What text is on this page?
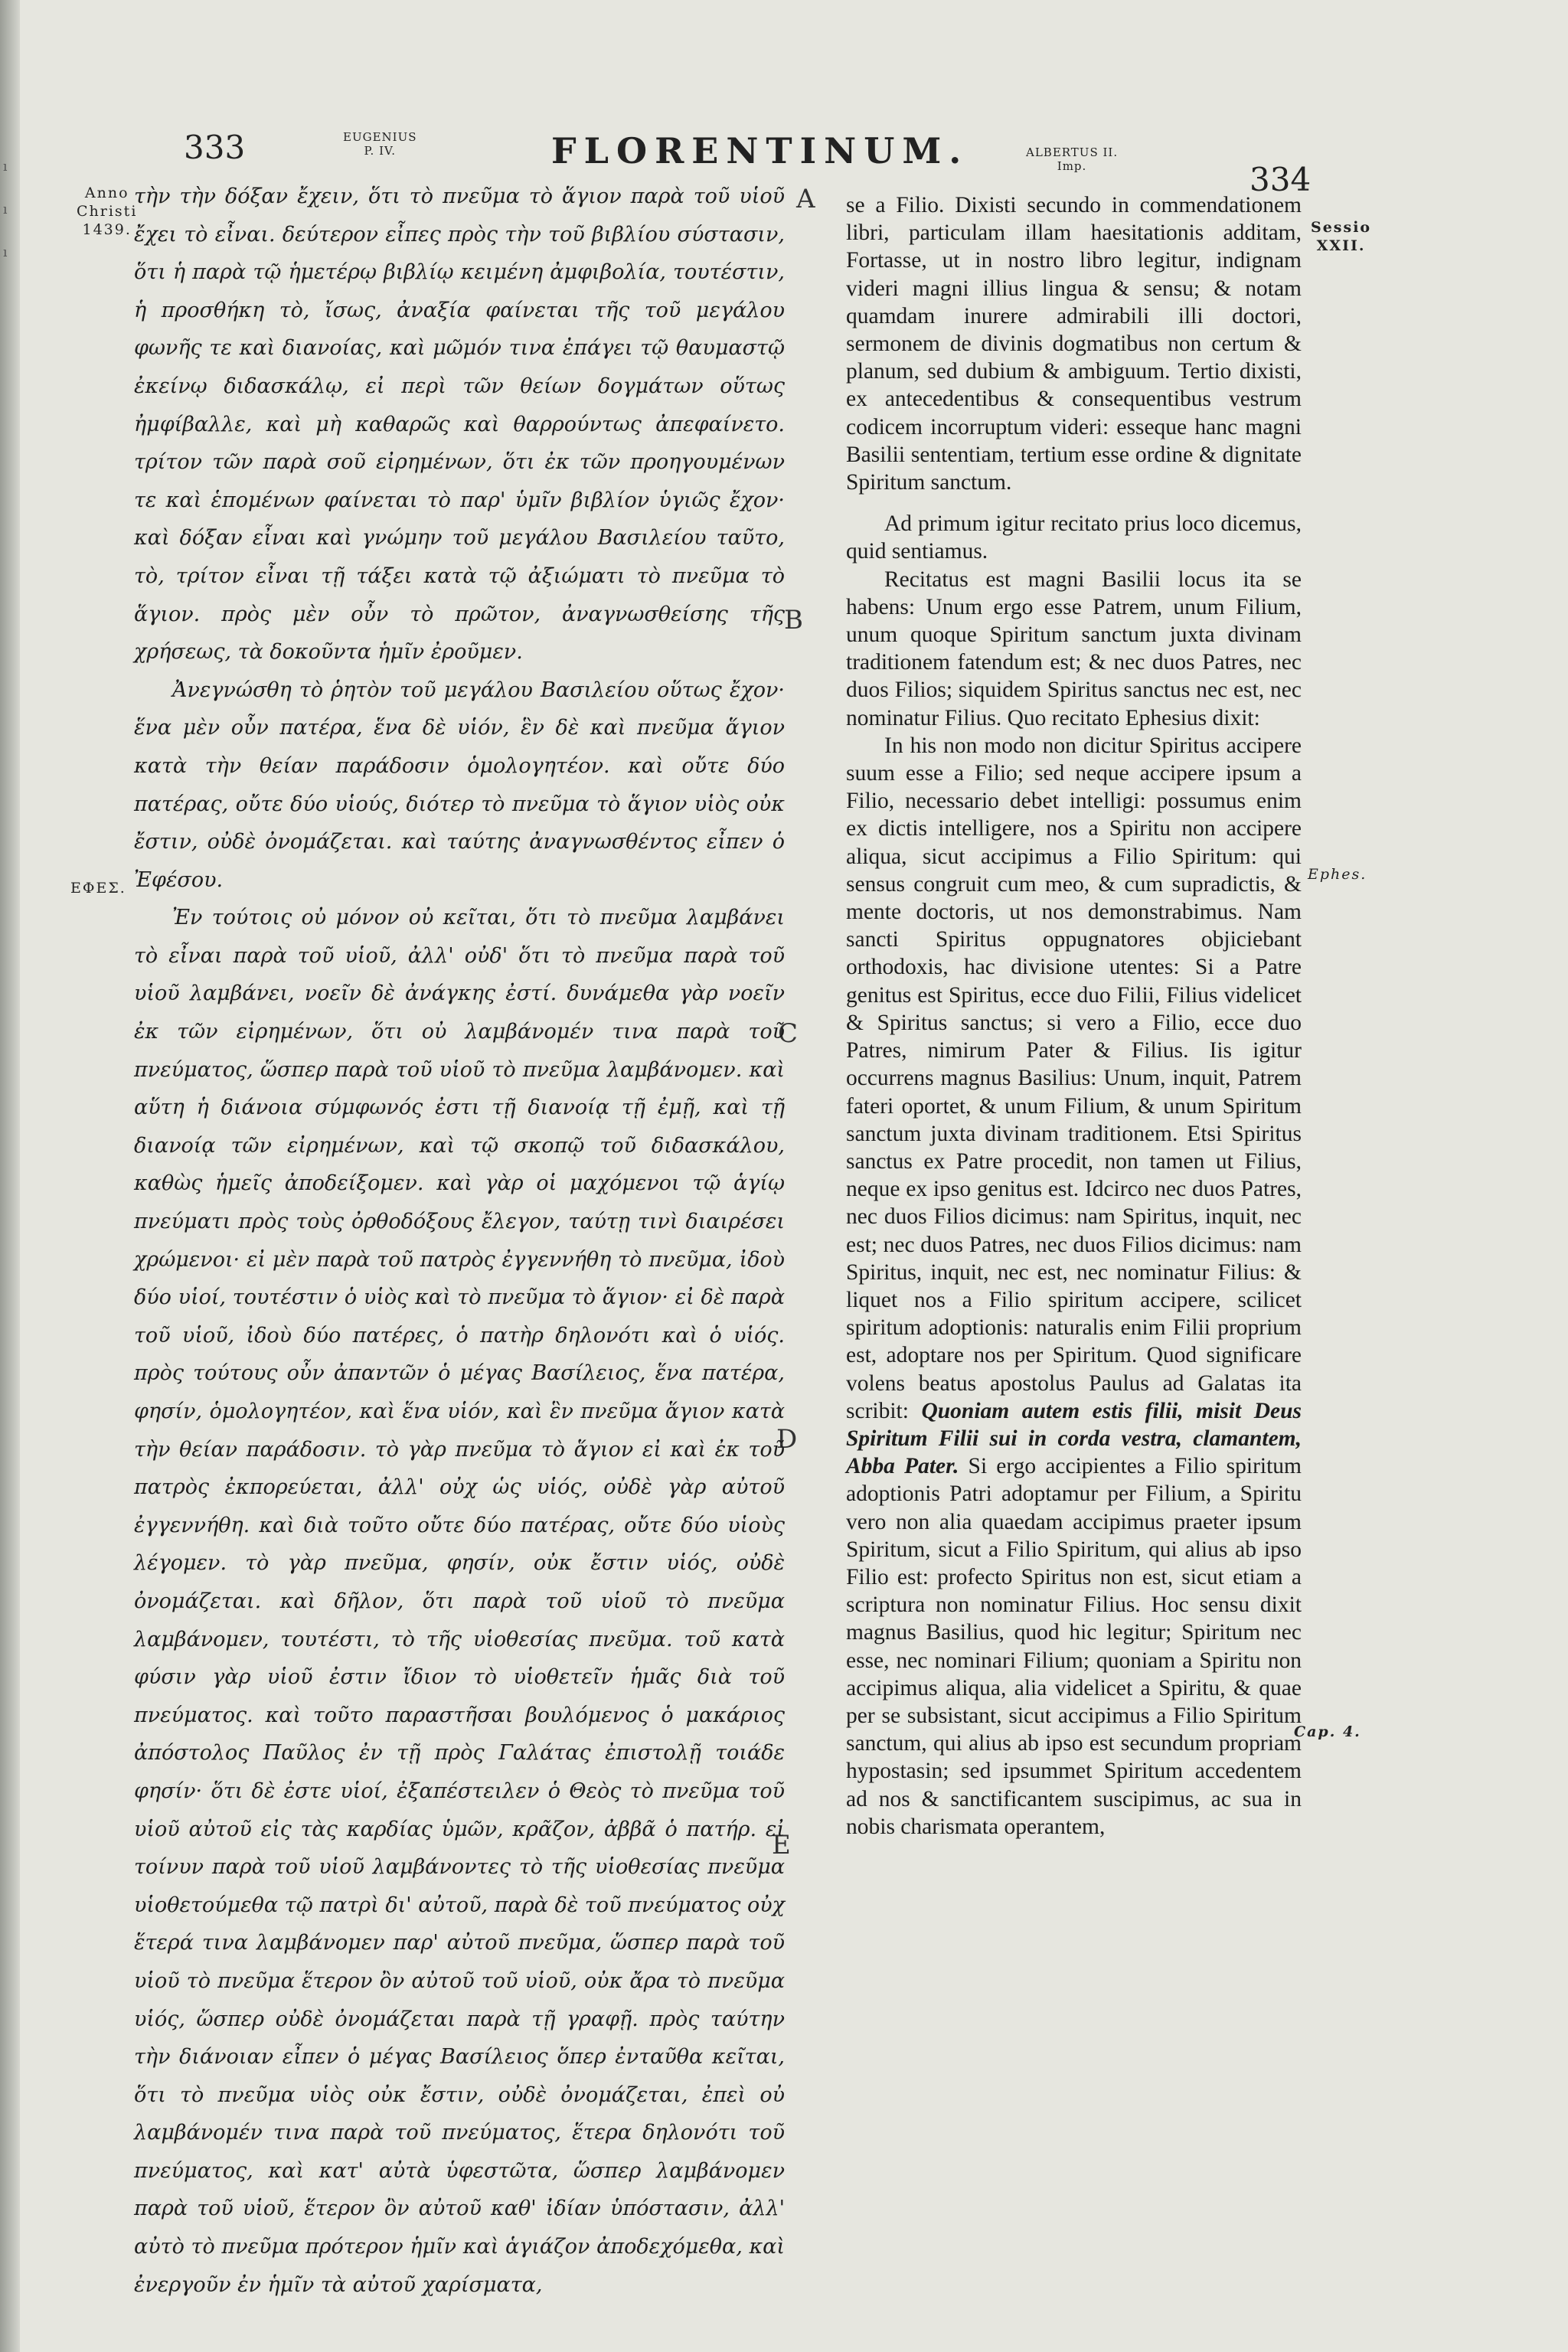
ı
ı
ı
333	EUGENIUS
P. IV.	FLORENTINUM.	ALBERTUS II.
Imp.	334
Anno
Christi
1439.	Sessio
XXII.
ΕΦΕΣ.
Ephes.
Cap. 4.
A
B
C
D
E

τὴν τὴν δόξαν ἔχειν, ὅτι τὸ πνεῦμα τὸ ἅγιον παρὰ τοῦ υἱοῦ ἔχει τὸ εἶναι. δεύτερον εἶπες πρὸς τὴν τοῦ βιβλίου σύστασιν, ὅτι ἡ παρὰ τῷ ἡμετέρῳ βιβλίῳ κειμένη ἀμφιβολία, τουτέστιν, ἡ προσθήκη τὸ, ἴσως, ἀναξία φαίνεται τῆς τοῦ μεγάλου φωνῆς τε καὶ διανοίας, καὶ μῶμόν τινα ἐπάγει τῷ θαυμαστῷ ἐκείνῳ διδασκάλῳ, εἰ περὶ τῶν θείων δογμάτων οὕτως ἠμφίβαλλε, καὶ μὴ καθαρῶς καὶ θαρρούντως ἀπεφαίνετο. τρίτον τῶν παρὰ σοῦ εἰρημένων, ὅτι ἐκ τῶν προηγουμένων τε καὶ ἑπομένων φαίνεται τὸ παρ' ὑμῖν βιβλίον ὑγιῶς ἔχον· καὶ δόξαν εἶναι καὶ γνώμην τοῦ μεγάλου Βασιλείου ταῦτο, τὸ, τρίτον εἶναι τῇ τάξει κατὰ τῷ ἀξιώματι τὸ πνεῦμα τὸ ἅγιον. πρὸς μὲν οὖν τὸ πρῶτον, ἀναγνωσθείσης τῆς χρήσεως, τὰ δοκοῦντα ἡμῖν ἐροῦμεν.

Ἀνεγνώσθη τὸ ῥητὸν τοῦ μεγάλου Βασιλείου οὕτως ἔχον· ἕνα μὲν οὖν πατέρα, ἕνα δὲ υἱόν, ἓν δὲ καὶ πνεῦμα ἅγιον κατὰ τὴν θείαν παράδοσιν ὁμολογητέον. καὶ οὔτε δύο πατέρας, οὔτε δύο υἱούς, διότερ τὸ πνεῦμα τὸ ἅγιον υἱὸς οὐκ ἔστιν, οὐδὲ ὀνομάζεται. καὶ ταύτης ἀναγνωσθέντος εἶπεν ὁ Ἐφέσου.

Ἐν τούτοις οὐ μόνον οὐ κεῖται, ὅτι τὸ πνεῦμα λαμβάνει τὸ εἶναι παρὰ τοῦ υἱοῦ, ἀλλ' οὐδ' ὅτι τὸ πνεῦμα παρὰ τοῦ υἱοῦ λαμβάνει, νοεῖν δὲ ἀνάγκης ἐστί. δυνάμεθα γὰρ νοεῖν ἐκ τῶν εἰρημένων, ὅτι οὐ λαμβάνομέν τινα παρὰ τοῦ πνεύματος, ὥσπερ παρὰ τοῦ υἱοῦ τὸ πνεῦμα λαμβάνομεν. καὶ αὕτη ἡ διάνοια σύμφωνός ἐστι τῇ διανοίᾳ τῇ ἐμῇ, καὶ τῇ διανοίᾳ τῶν εἰρημένων, καὶ τῷ σκοπῷ τοῦ διδασκάλου, καθὼς ἡμεῖς ἀποδείξομεν. καὶ γὰρ οἱ μαχόμενοι τῷ ἁγίῳ πνεύματι πρὸς τοὺς ὀρθοδόξους ἔλεγον, ταύτῃ τινὶ διαιρέσει χρώμενοι· εἰ μὲν παρὰ τοῦ πατρὸς ἐγγεννήθη τὸ πνεῦμα, ἰδοὺ δύο υἱοί, τουτέστιν ὁ υἱὸς καὶ τὸ πνεῦμα τὸ ἅγιον· εἰ δὲ παρὰ τοῦ υἱοῦ, ἰδοὺ δύο πατέρες, ὁ πατὴρ δηλονότι καὶ ὁ υἱός. πρὸς τούτους οὖν ἀπαντῶν ὁ μέγας Βασίλειος, ἕνα πατέρα, φησίν, ὁμολογητέον, καὶ ἕνα υἱόν, καὶ ἓν πνεῦμα ἅγιον κατὰ τὴν θείαν παράδοσιν. τὸ γὰρ πνεῦμα τὸ ἅγιον εἰ καὶ ἐκ τοῦ πατρὸς ἐκπορεύεται, ἀλλ' οὐχ ὡς υἱός, οὐδὲ γὰρ αὐτοῦ ἐγγεννήθη. καὶ διὰ τοῦτο οὔτε δύο πατέρας, οὔτε δύο υἱοὺς λέγομεν. τὸ γὰρ πνεῦμα, φησίν, οὐκ ἔστιν υἱός, οὐδὲ ὀνομάζεται. καὶ δῆλον, ὅτι παρὰ τοῦ υἱοῦ τὸ πνεῦμα λαμβάνομεν, τουτέστι, τὸ τῆς υἱοθεσίας πνεῦμα. τοῦ κατὰ φύσιν γὰρ υἱοῦ ἐστιν ἴδιον τὸ υἱοθετεῖν ἡμᾶς διὰ τοῦ πνεύματος. καὶ τοῦτο παραστῆσαι βουλόμενος ὁ μακάριος ἀπόστολος Παῦλος ἐν τῇ πρὸς Γαλάτας ἐπιστολῇ τοιάδε φησίν· ὅτι δὲ ἐστε υἱοί, ἐξαπέστειλεν ὁ Θεὸς τὸ πνεῦμα τοῦ υἱοῦ αὐτοῦ εἰς τὰς καρδίας ὑμῶν, κρᾶζον, ἀββᾶ ὁ πατήρ. εἰ τοίνυν παρὰ τοῦ υἱοῦ λαμβάνοντες τὸ τῆς υἱοθεσίας πνεῦμα υἱοθετούμεθα τῷ πατρὶ δι' αὐτοῦ, παρὰ δὲ τοῦ πνεύματος οὐχ ἕτερά τινα λαμβάνομεν παρ' αὐτοῦ πνεῦμα, ὥσπερ παρὰ τοῦ υἱοῦ τὸ πνεῦμα ἕτερον ὂν αὐτοῦ τοῦ υἱοῦ, οὐκ ἄρα τὸ πνεῦμα υἱός, ὥσπερ οὐδὲ ὀνομάζεται παρὰ τῇ γραφῇ. πρὸς ταύτην τὴν διάνοιαν εἶπεν ὁ μέγας Βασίλειος ὅπερ ἐνταῦθα κεῖται, ὅτι τὸ πνεῦμα υἱὸς οὐκ ἔστιν, οὐδὲ ὀνομάζεται, ἐπεὶ οὐ λαμβάνομέν τινα παρὰ τοῦ πνεύματος, ἕτερα δηλονότι τοῦ πνεύματος, καὶ κατ' αὐτὰ ὑφεστῶτα, ὥσπερ λαμβάνομεν παρὰ τοῦ υἱοῦ, ἕτερον ὂν αὐτοῦ καθ' ἰδίαν ὑπόστασιν, ἀλλ' αὐτὸ τὸ πνεῦμα πρότερον ἡμῖν καὶ ἁγιάζον ἀποδεχόμεθα, καὶ ἐνεργοῦν ἐν ἡμῖν τὰ αὐτοῦ χαρίσματα,

se a Filio. Dixisti secundo in commendationem libri, particulam illam haesitationis additam, Fortasse, ut in nostro libro legitur, indignam videri magni illius lingua & sensu; & notam quamdam inurere admirabili illi doctori, sermonem de divinis dogmatibus non certum & planum, sed dubium & ambiguum. Tertio dixisti, ex antecedentibus & consequentibus vestrum codicem incorruptum videri: esseque hanc magni Basilii sententiam, tertium esse ordine & dignitate Spiritum sanctum.

Ad primum igitur recitato prius loco dicemus, quid sentiamus.

Recitatus est magni Basilii locus ita se habens: Unum ergo esse Patrem, unum Filium, unum quoque Spiritum sanctum juxta divinam traditionem fatendum est; & nec duos Patres, nec duos Filios; siquidem Spiritus sanctus nec est, nec nominatur Filius. Quo recitato Ephesius dixit:

In his non modo non dicitur Spiritus accipere suum esse a Filio; sed neque accipere ipsum a Filio, necessario debet intelligi: possumus enim ex dictis intelligere, nos a Spiritu non accipere aliqua, sicut accipimus a Filio Spiritum: qui sensus congruit cum meo, & cum supradictis, & mente doctoris, ut nos demonstrabimus. Nam sancti Spiritus oppugnatores objiciebant orthodoxis, hac divisione utentes: Si a Patre genitus est Spiritus, ecce duo Filii, Filius videlicet & Spiritus sanctus; si vero a Filio, ecce duo Patres, nimirum Pater & Filius. Iis igitur occurrens magnus Basilius: Unum, inquit, Patrem fateri oportet, & unum Filium, & unum Spiritum sanctum juxta divinam traditionem. Etsi Spiritus sanctus ex Patre procedit, non tamen ut Filius, neque ex ipso genitus est. Idcirco nec duos Patres, nec duos Filios dicimus: nam Spiritus, inquit, nec est; nec duos Patres, nec duos Filios dicimus: nam Spiritus, inquit, nec est, nec nominatur Filius: & liquet nos a Filio spiritum accipere, scilicet spiritum adoptionis: naturalis enim Filii proprium est, adoptare nos per Spiritum. Quod significare volens beatus apostolus Paulus ad Galatas ita scribit: Quoniam autem estis filii, misit Deus Spiritum Filii sui in corda vestra, clamantem, Abba Pater. Si ergo accipientes a Filio spiritum adoptionis Patri adoptamur per Filium, a Spiritu vero non alia quaedam accipimus praeter ipsum Spiritum, sicut a Filio Spiritum, qui alius ab ipso Filio est: profecto Spiritus non est, sicut etiam a scriptura non nominatur Filius. Hoc sensu dixit magnus Basilius, quod hic legitur; Spiritum nec esse, nec nominari Filium; quoniam a Spiritu non accipimus aliqua, alia videlicet a Spiritu, & quae per se subsistant, sicut accipimus a Filio Spiritum sanctum, qui alius ab ipso est secundum propriam hypostasin; sed ipsummet Spiritum accedentem ad nos & sanctificantem suscipimus, ac sua in nobis charismata operantem,
